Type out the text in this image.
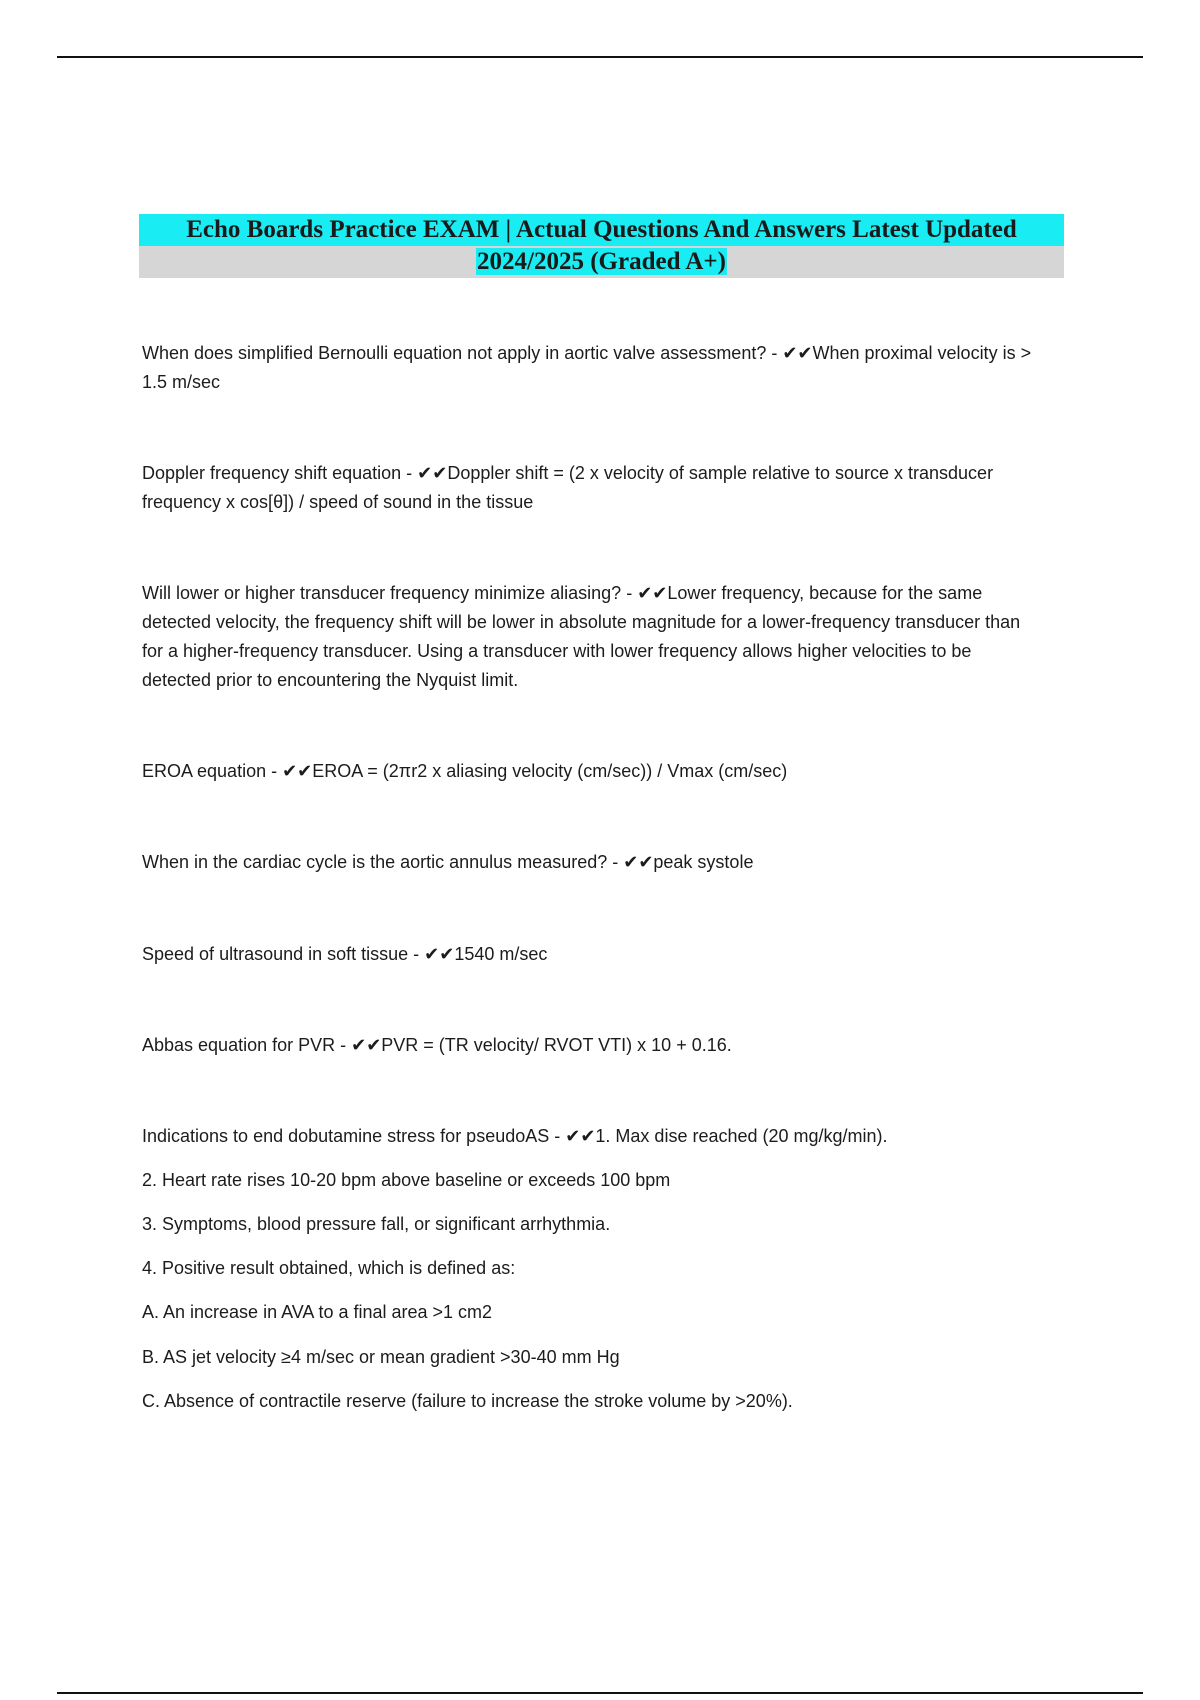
Echo Boards Practice EXAM | Actual Questions And Answers Latest Updated
2024/2025 (Graded A+)

When does simplified Bernoulli equation not apply in aortic valve assessment? - ✔✔When proximal velocity is > 1.5 m/sec

Doppler frequency shift equation - ✔✔Doppler shift = (2 x velocity of sample relative to source x transducer frequency x cos[θ]) / speed of sound in the tissue

Will lower or higher transducer frequency minimize aliasing? - ✔✔Lower frequency, because for the same detected velocity, the frequency shift will be lower in absolute magnitude for a lower-frequency transducer than for a higher-frequency transducer. Using a transducer with lower frequency allows higher velocities to be detected prior to encountering the Nyquist limit.

EROA equation - ✔✔EROA = (2πr2 x aliasing velocity (cm/sec)) / Vmax (cm/sec)

When in the cardiac cycle is the aortic annulus measured? - ✔✔peak systole

Speed of ultrasound in soft tissue - ✔✔1540 m/sec

Abbas equation for PVR - ✔✔PVR = (TR velocity/ RVOT VTI) x 10 + 0.16.

Indications to end dobutamine stress for pseudoAS - ✔✔1. Max dise reached (20 mg/kg/min).

2. Heart rate rises 10-20 bpm above baseline or exceeds 100 bpm
3. Symptoms, blood pressure fall, or significant arrhythmia.
4. Positive result obtained, which is defined as:
A. An increase in AVA to a final area >1 cm2
B. AS jet velocity ≥4 m/sec or mean gradient >30-40 mm Hg
C. Absence of contractile reserve (failure to increase the stroke volume by >20%).
